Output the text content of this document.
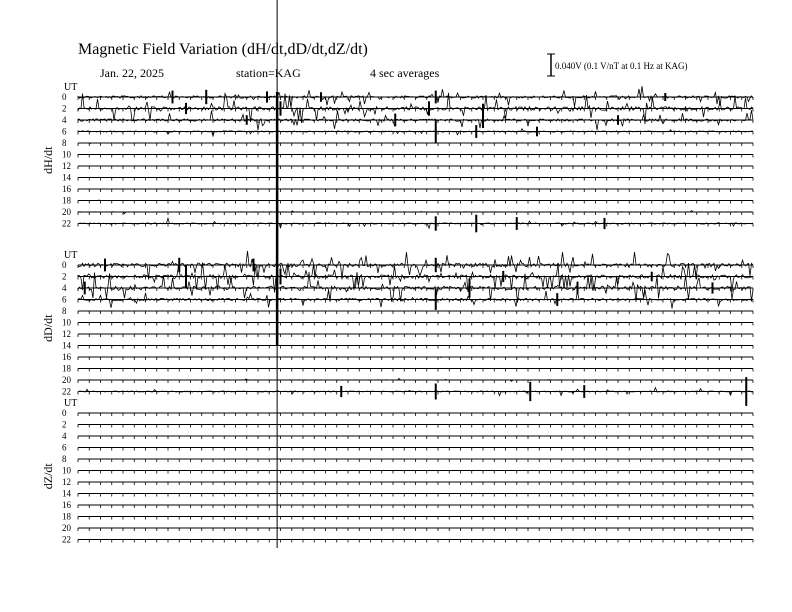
Magnetic Field Variation (dH/dt,dD/dt,dZ/dt)
Jan. 22, 2025	station=KAG	4 sec averages	0.040V (0.1 V/nT at 0.1 Hz at KAG)
UT
dH/dt
0
2
4
6
8
10
12
14
16
18
20
22
UT
dD/dt
0
2
4
6
8
10
12
14
16
18
20
22
UT
dZ/dt
0
2
4
6
8
10
12
14
16
18
20
22
